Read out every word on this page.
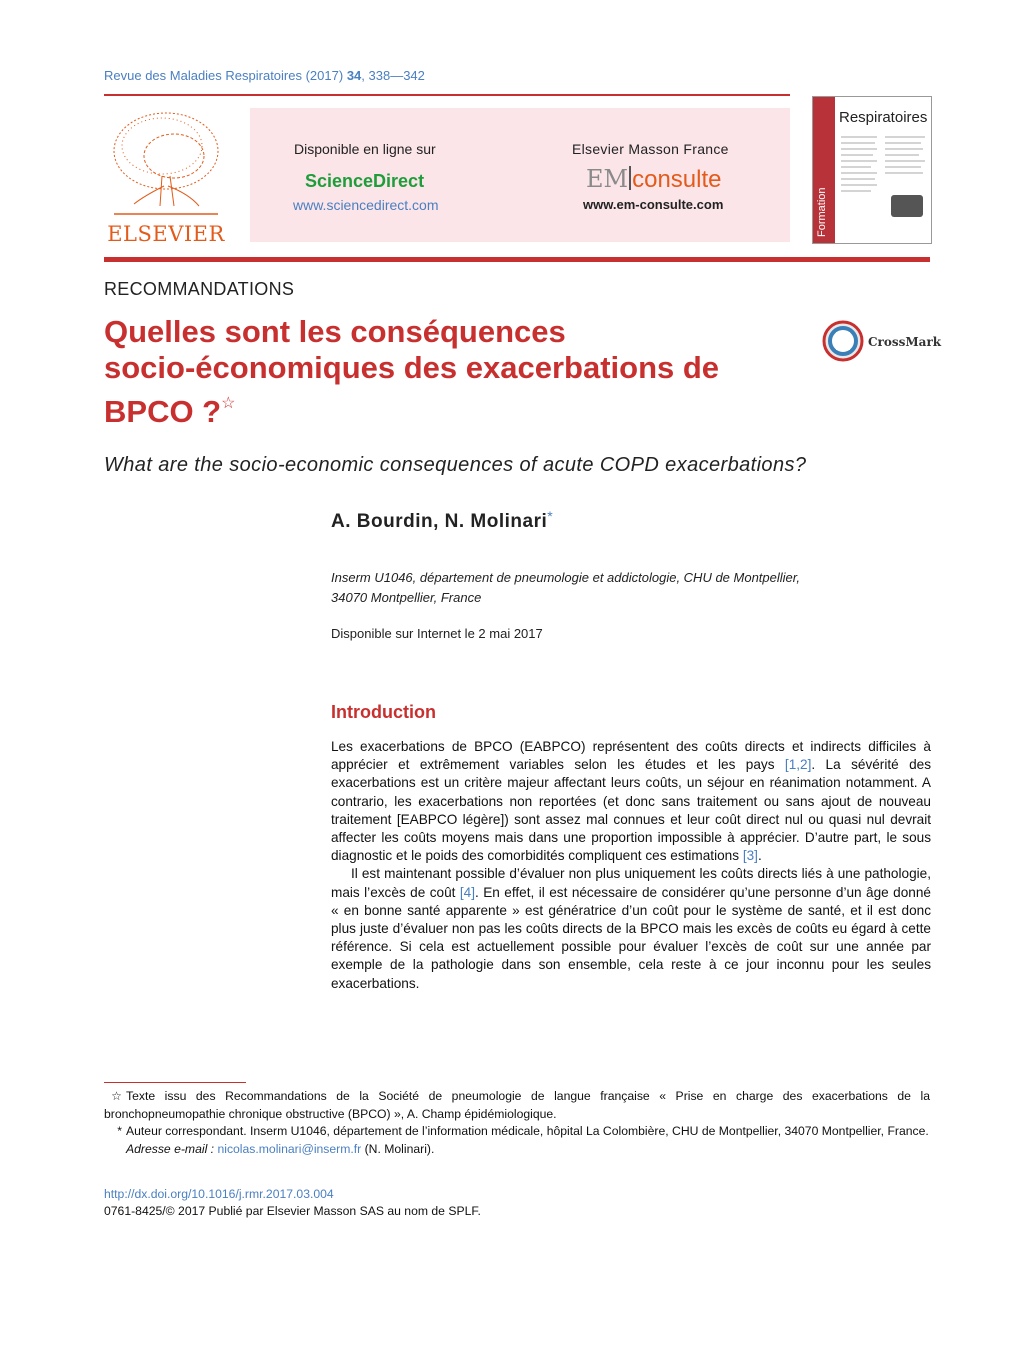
Revue des Maladies Respiratoires (2017) 34, 338—342
ELSEVIER
Disponible en ligne sur
ScienceDirect
www.sciencedirect.com
Elsevier Masson France
EM consulte
www.em-consulte.com	Formation
Respiratoires
RECOMMANDATIONS
Quelles sont les conséquences
socio-économiques des exacerbations de
BPCO ?☆
CrossMark
What are the socio-economic consequences of acute COPD exacerbations?
A. Bourdin, N. Molinari*
Inserm U1046, département de pneumologie et addictologie, CHU de Montpellier,
34070 Montpellier, France
Disponible sur Internet le 2 mai 2017
Introduction

Les exacerbations de BPCO (EABPCO) représentent des coûts directs et indirects difficiles à apprécier et extrêmement variables selon les études et les pays [1,2]. La sévérité des exacerbations est un critère majeur affectant leurs coûts, un séjour en réanimation notamment. A contrario, les exacerbations non reportées (et donc sans traitement ou sans ajout de nouveau traitement [EABPCO légère]) sont assez mal connues et leur coût direct nul ou quasi nul devrait affecter les coûts moyens mais dans une proportion impossible à apprécier. D’autre part, le sous diagnostic et le poids des comorbidités compliquent ces estimations [3].

Il est maintenant possible d’évaluer non plus uniquement les coûts directs liés à une pathologie, mais l’excès de coût [4]. En effet, il est nécessaire de considérer qu’une personne d’un âge donné « en bonne santé apparente » est génératrice d’un coût pour le système de santé, et il est donc plus juste d’évaluer non pas les coûts directs de la BPCO mais les excès de coûts eu égard à cette référence. Si cela est actuellement possible pour évaluer l’excès de coût sur une année par exemple de la pathologie dans son ensemble, cela reste à ce jour inconnu pour les seules exacerbations.

☆ Texte issu des Recommandations de la Société de pneumologie de langue française « Prise en charge des exacerbations de la bronchopneumopathie chronique obstructive (BPCO) », A. Champ épidémiologique.

* Auteur correspondant. Inserm U1046, département de l’information médicale, hôpital La Colombière, CHU de Montpellier, 34070 Montpellier, France.

Adresse e-mail : nicolas.molinari@inserm.fr (N. Molinari).

http://dx.doi.org/10.1016/j.rmr.2017.03.004
0761-8425/© 2017 Publié par Elsevier Masson SAS au nom de SPLF.
